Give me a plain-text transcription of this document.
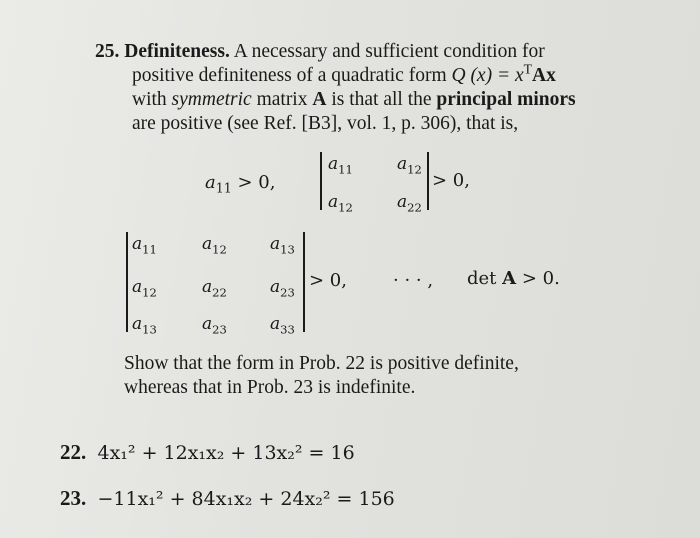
25. Definiteness. A necessary and sufficient condition for
positive definiteness of a quadratic form Q $(x) = x^TAx$
with symmetric matrix A is that all the principal minors
are positive (see Ref. [B3], vol. 1, p. 306), that is,
$a_{11} > 0$,
$a_{11}$	$a_{12}$
$a_{12}$	$a_{22}$
> 0,
$a_{11}$	$a_{12}$	$a_{13}$
$a_{12}$	$a_{22}$	$a_{23}$
$a_{13}$	$a_{23}$	$a_{33}$
> 0,	· · · , det A > 0.
Show that the form in Prob. 22 is positive definite,
whereas that in Prob. 23 is indefinite.
22. 4x₁² + 12x₁x₂ + 13x₂² = 16
23. −11x₁² + 84x₁x₂ + 24x₂² = 156
